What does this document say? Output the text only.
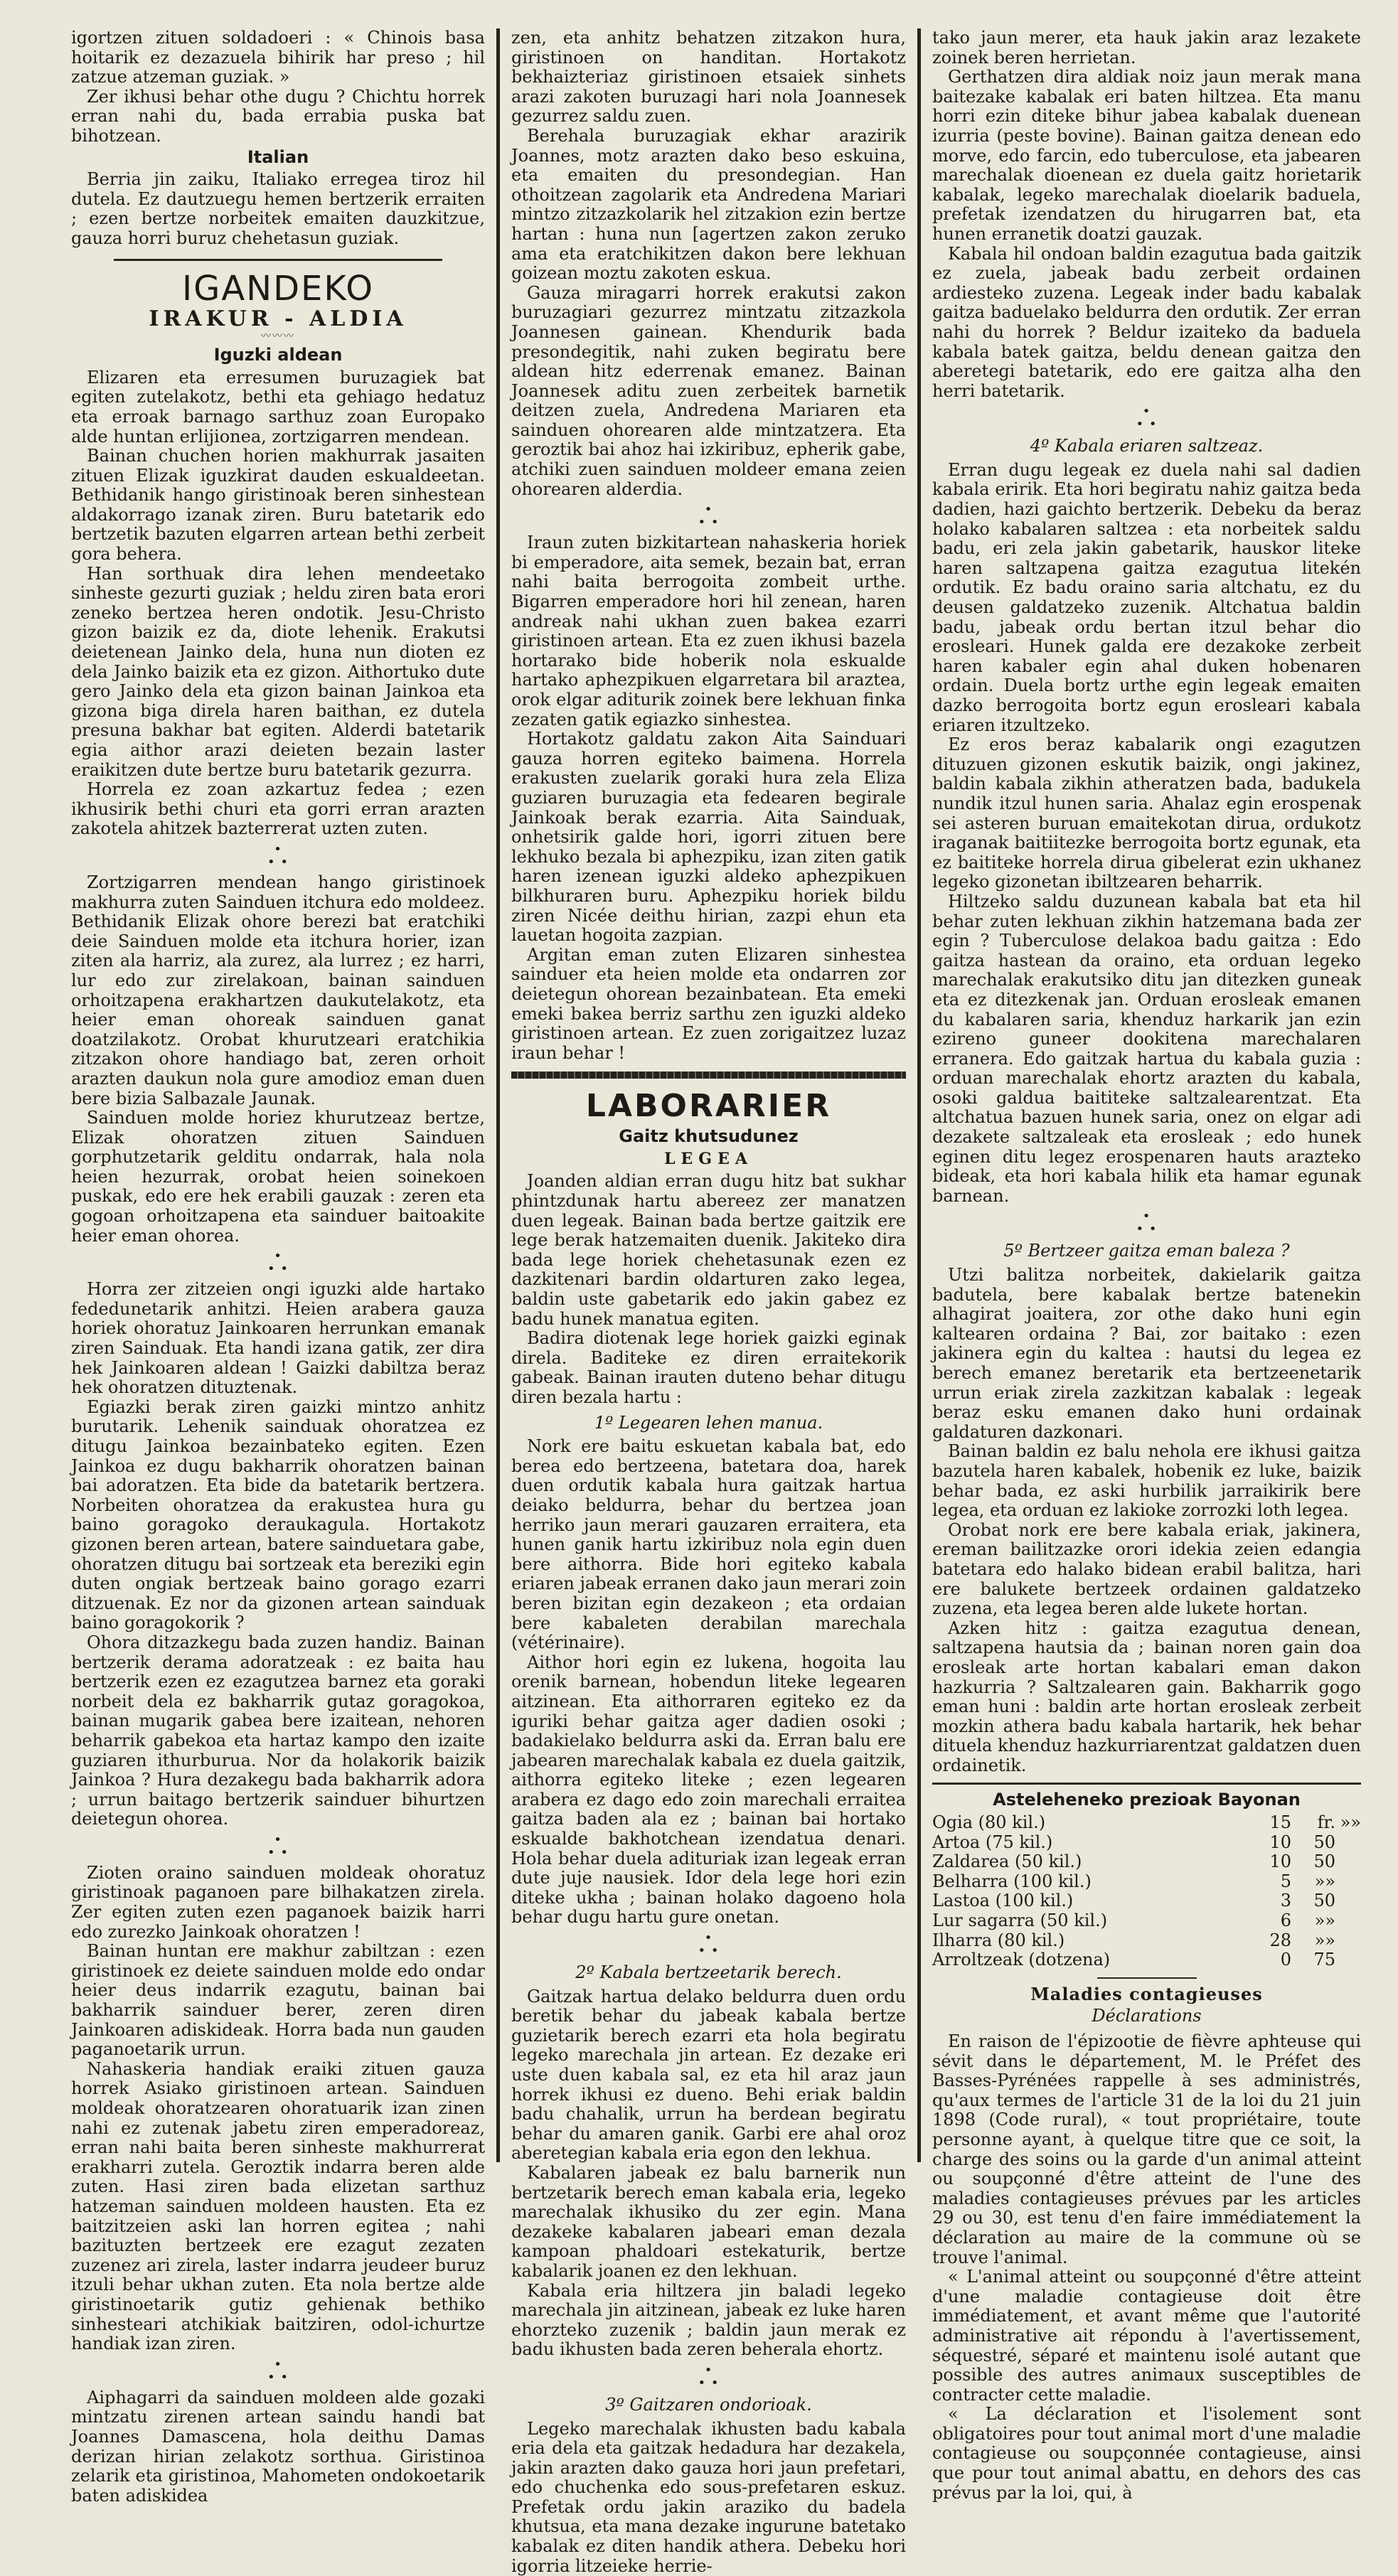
igortzen zituen soldadoeri : « Chinois basa hoitarik ez dezazuela bihirik har preso ; hil zatzue atzeman guziak. »

Zer ikhusi behar othe dugu ? Chichtu horrek erran nahi du, bada errabia puska bat bihotzean.

Italian

Berria jin zaiku, Italiako erregea tiroz hil dutela. Ez dautzuegu hemen bertzerik erraiten ; ezen bertze norbeitek emaiten dauzkitzue, gauza horri buruz chehetasun guziak.

IGANDEKO
IRAKUR - ALDIA
〰〰〰
Iguzki aldean

Elizaren eta erresumen buruzagiek bat egiten zutelakotz, bethi eta gehiago hedatuz eta erroak barnago sarthuz zoan Europako alde huntan erlijionea, zortzigarren mendean.

Bainan chuchen horien makhurrak jasaiten zituen Elizak iguzkirat dauden eskualdeetan. Bethidanik hango giristinoak beren sinhestean aldakorrago izanak ziren. Buru batetarik edo bertzetik bazuten elgarren artean bethi zerbeit gora behera.

Han sorthuak dira lehen mendeetako sinheste gezurti guziak ; heldu ziren bata erori zeneko bertzea heren ondotik. Jesu-Christo gizon baizik ez da, diote lehenik. Erakutsi deietenean Jainko dela, huna nun dioten ez dela Jainko baizik eta ez gizon. Aithortuko dute gero Jainko dela eta gizon bainan Jainkoa eta gizona biga direla haren baithan, ez dutela presuna bakhar bat egiten. Alderdi batetarik egia aithor arazi deieten bezain laster eraikitzen dute bertze buru batetarik gezurra.

Horrela ez zoan azkartuz fedea ; ezen ikhusirik bethi churi eta gorri erran arazten zakotela ahitzek bazterrerat uzten zuten.

•
• •

Zortzigarren mendean hango giristinoek makhurra zuten Sainduen itchura edo moldeez. Bethidanik Elizak ohore berezi bat eratchiki deie Sainduen molde eta itchura horier, izan ziten ala harriz, ala zurez, ala lurrez ; ez harri, lur edo zur zirelakoan, bainan sainduen orhoitzapena erakhartzen daukutelakotz, eta heier eman ohoreak sainduen ganat doatzilakotz. Orobat khurutzeari eratchikia zitzakon ohore handiago bat, zeren orhoit arazten daukun nola gure amodioz eman duen bere bizia Salbazale Jaunak.

Sainduen molde horiez khurutzeaz bertze, Elizak ohoratzen zituen Sainduen gorphutzetarik gelditu ondarrak, hala nola heien hezurrak, orobat heien soinekoen puskak, edo ere hek erabili gauzak : zeren eta gogoan orhoitzapena eta sainduer baitoakite heier eman ohorea.

•
• •

Horra zer zitzeien ongi iguzki alde hartako fededunetarik anhitzi. Heien arabera gauza horiek ohoratuz Jainkoaren herrunkan emanak ziren Sainduak. Eta handi izana gatik, zer dira hek Jainkoaren aldean ! Gaizki dabiltza beraz hek ohoratzen dituztenak.

Egiazki berak ziren gaizki mintzo anhitz burutarik. Lehenik sainduak ohoratzea ez ditugu Jainkoa bezainbateko egiten. Ezen Jainkoa ez dugu bakharrik ohoratzen bainan bai adoratzen. Eta bide da batetarik bertzera. Norbeiten ohoratzea da erakustea hura gu baino goragoko deraukagula. Hortakotz gizonen beren artean, batere sainduetara gabe, ohoratzen ditugu bai sortzeak eta bereziki egin duten ongiak bertzeak baino gorago ezarri ditzuenak. Ez nor da gizonen artean sainduak baino goragokorik ?

Ohora ditzazkegu bada zuzen handiz. Bainan bertzerik derama adoratzeak : ez baita hau bertzerik ezen ez ezagutzea barnez eta goraki norbeit dela ez bakharrik gutaz goragokoa, bainan mugarik gabea bere izaitean, nehoren beharrik gabekoa eta hartaz kampo den izaite guziaren ithurburua. Nor da holakorik baizik Jainkoa ? Hura dezakegu bada bakharrik adora ; urrun baitago bertzerik sainduer bihurtzen deietegun ohorea.

•
• •

Zioten oraino sainduen moldeak ohoratuz giristinoak paganoen pare bilhakatzen zirela. Zer egiten zuten ezen paganoek baizik harri edo zurezko Jainkoak ohoratzen !

Bainan huntan ere makhur zabiltzan : ezen giristinoek ez deiete sainduen molde edo ondar heier deus indarrik ezagutu, bainan bai bakharrik sainduer berer, zeren diren Jainkoaren adiskideak. Horra bada nun gauden paganoetarik urrun.

Nahaskeria handiak eraiki zituen gauza horrek Asiako giristinoen artean. Sainduen moldeak ohoratzearen ohoratuarik izan zinen nahi ez zutenak jabetu ziren emperadoreaz, erran nahi baita beren sinheste makhurrerat erakharri zutela. Geroztik indarra beren alde zuten. Hasi ziren bada elizetan sarthuz hatzeman sainduen moldeen hausten. Eta ez baitzitzeien aski lan horren egitea ; nahi bazituzten bertzeek ere ezagut zezaten zuzenez ari zirela, laster indarra jeudeer buruz itzuli behar ukhan zuten. Eta nola bertze alde giristinoetarik gutiz gehienak bethiko sinhesteari atchikiak baitziren, odol-ichurtze handiak izan ziren.

•
• •

Aiphagarri da sainduen moldeen alde gozaki mintzatu zirenen artean saindu handi bat Joannes Damascena, hola deithu Damas derizan hirian zelakotz sorthua. Giristinoa zelarik eta giristinoa, Mahometen ondokoetarik baten adiskidea

zen, eta anhitz behatzen zitzakon hura, giristinoen on handitan. Hortakotz bekhaizteriaz giristinoen etsaiek sinhets arazi zakoten buruzagi hari nola Joannesek gezurrez saldu zuen.

Berehala buruzagiak ekhar arazirik Joannes, motz arazten dako beso eskuina, eta emaiten du presondegian. Han othoitzean zagolarik eta Andredena Mariari mintzo zitzazkolarik hel zitzakion ezin bertze hartan : huna nun [agertzen zakon zeruko ama eta eratchikitzen dakon bere lekhuan goizean moztu zakoten eskua.

Gauza miragarri horrek erakutsi zakon buruzagiari gezurrez mintzatu zitzazkola Joannesen gainean. Khendurik bada presondegitik, nahi zuken begiratu bere aldean hitz ederrenak emanez. Bainan Joannesek aditu zuen zerbeitek barnetik deitzen zuela, Andredena Mariaren eta sainduen ohorearen alde mintzatzera. Eta geroztik bai ahoz hai izkiribuz, epherik gabe, atchiki zuen sainduen moldeer emana zeien ohorearen alderdia.

•
• •

Iraun zuten bizkitartean nahaskeria horiek bi emperadore, aita semek, bezain bat, erran nahi baita berrogoita zombeit urthe. Bigarren emperadore hori hil zenean, haren andreak nahi ukhan zuen bakea ezarri giristinoen artean. Eta ez zuen ikhusi bazela hortarako bide hoberik nola eskualde hartako aphezpikuen elgarretara bil araztea, orok elgar aditurik zoinek bere lekhuan finka zezaten gatik egiazko sinhestea.

Hortakotz galdatu zakon Aita Sainduari gauza horren egiteko baimena. Horrela erakusten zuelarik goraki hura zela Eliza guziaren buruzagia eta fedearen begirale Jainkoak berak ezarria. Aita Sainduak, onhetsirik galde hori, igorri zituen bere lekhuko bezala bi aphezpiku, izan ziten gatik haren izenean iguzki aldeko aphezpikuen bilkhuraren buru. Aphezpiku horiek bildu ziren Nicée deithu hirian, zazpi ehun eta lauetan hogoita zazpian.

Argitan eman zuten Elizaren sinhestea sainduer eta heien molde eta ondarren zor deietegun ohorean bezainbatean. Eta emeki emeki bakea berriz sarthu zen iguzki aldeko giristinoen artean. Ez zuen zorigaitzez luzaz iraun behar !

LABORARIER
Gaitz khutsudunez
LEGEA

Joanden aldian erran dugu hitz bat sukhar phintzdunak hartu abereez zer manatzen duen legeak. Bainan bada bertze gaitzik ere lege berak hatzemaiten duenik. Jakiteko dira bada lege horiek chehetasunak ezen ez dazkitenari bardin oldarturen zako legea, baldin uste gabetarik edo jakin gabez ez badu hunek manatua egiten.

Badira diotenak lege horiek gaizki eginak direla. Baditeke ez diren erraitekorik gabeak. Bainan irauten duteno behar ditugu diren bezala hartu :

1º Legearen lehen manua.

Nork ere baitu eskuetan kabala bat, edo berea edo bertzeena, batetara doa, harek duen ordutik kabala hura gaitzak hartua deiako beldurra, behar du bertzea joan herriko jaun merari gauzaren erraitera, eta hunen ganik hartu izkiribuz nola egin duen bere aithorra. Bide hori egiteko kabala eriaren jabeak erranen dako jaun merari zoin beren bizitan egin dezakeon ; eta ordaian bere kabaleten derabilan marechala (vétérinaire).

Aithor hori egin ez lukena, hogoita lau orenik barnean, hobendun liteke legearen aitzinean. Eta aithorraren egiteko ez da iguriki behar gaitza ager dadien osoki ; badakielako beldurra aski da. Erran balu ere jabearen marechalak kabala ez duela gaitzik, aithorra egiteko liteke ; ezen legearen arabera ez dago edo zoin marechali erraitea gaitza baden ala ez ; bainan bai hortako eskualde bakhotchean izendatua denari. Hola behar duela adituriak izan legeak erran dute juje nausiek. Idor dela lege hori ezin diteke ukha ; bainan holako dagoeno hola behar dugu hartu gure onetan.

•
• •
2º Kabala bertzeetarik berech.

Gaitzak hartua delako beldurra duen ordu beretik behar du jabeak kabala bertze guzietarik berech ezarri eta hola begiratu legeko marechala jin artean. Ez dezake eri uste duen kabala sal, ez eta hil araz jaun horrek ikhusi ez dueno. Behi eriak baldin badu chahalik, urrun ha berdean begiratu behar du amaren ganik. Garbi ere ahal oroz aberetegian kabala eria egon den lekhua.

Kabalaren jabeak ez balu barnerik nun bertzetarik berech eman kabala eria, legeko marechalak ikhusiko du zer egin. Mana dezakeke kabalaren jabeari eman dezala kampoan phaldoari estekaturik, bertze kabalarik joanen ez den lekhuan.

Kabala eria hiltzera jin baladi legeko marechala jin aitzinean, jabeak ez luke haren ehorzteko zuzenik ; baldin jaun merak ez badu ikhusten bada zeren beherala ehortz.

•
• •
3º Gaitzaren ondorioak.

Legeko marechalak ikhusten badu kabala eria dela eta gaitzak hedadura har dezakela, jakin arazten dako gauza hori jaun prefetari, edo chuchenka edo sous-prefetaren eskuz. Prefetak ordu jakin araziko du badela khutsua, eta mana dezake ingurune batetako kabalak ez diten handik athera. Debeku hori igorria litzeieke herrie-

tako jaun merer, eta hauk jakin araz lezakete zoinek beren herrietan.

Gerthatzen dira aldiak noiz jaun merak mana baitezake kabalak eri baten hiltzea. Eta manu horri ezin diteke bihur jabea kabalak duenean izurria (peste bovine). Bainan gaitza denean edo morve, edo farcin, edo tuberculose, eta jabearen marechalak dioenean ez duela gaitz horietarik kabalak, legeko marechalak dioelarik baduela, prefetak izendatzen du hirugarren bat, eta hunen erranetik doatzi gauzak.

Kabala hil ondoan baldin ezagutua bada gaitzik ez zuela, jabeak badu zerbeit ordainen ardiesteko zuzena. Legeak inder badu kabalak gaitza baduelako beldurra den ordutik. Zer erran nahi du horrek ? Beldur izaiteko da baduela kabala batek gaitza, beldu denean gaitza den aberetegi batetarik, edo ere gaitza alha den herri batetarik.

•
• •
4º Kabala eriaren saltzeaz.

Erran dugu legeak ez duela nahi sal dadien kabala eririk. Eta hori begiratu nahiz gaitza beda dadien, hazi gaichto bertzerik. Debeku da beraz holako kabalaren saltzea : eta norbeitek saldu badu, eri zela jakin gabetarik, hauskor liteke haren saltzapena gaitza ezagutua litekén ordutik. Ez badu oraino saria altchatu, ez du deusen galdatzeko zuzenik. Altchatua baldin badu, jabeak ordu bertan itzul behar dio erosleari. Hunek galda ere dezakoke zerbeit haren kabaler egin ahal duken hobenaren ordain. Duela bortz urthe egin legeak emaiten dazko berrogoita bortz egun erosleari kabala eriaren itzultzeko.

Ez eros beraz kabalarik ongi ezagutzen dituzuen gizonen eskutik baizik, ongi jakinez, baldin kabala zikhin atheratzen bada, badukela nundik itzul hunen saria. Ahalaz egin erospenak sei asteren buruan emaitekotan dirua, ordukotz iraganak baitiitezke berrogoita bortz egunak, eta ez baititeke horrela dirua gibelerat ezin ukhanez legeko gizonetan ibiltzearen beharrik.

Hiltzeko saldu duzunean kabala bat eta hil behar zuten lekhuan zikhin hatzemana bada zer egin ? Tuberculose delakoa badu gaitza : Edo gaitza hastean da oraino, eta orduan legeko marechalak erakutsiko ditu jan ditezken guneak eta ez ditezkenak jan. Orduan erosleak emanen du kabalaren saria, khenduz harkarik jan ezin ezireno guneer dookitena marechalaren erranera. Edo gaitzak hartua du kabala guzia : orduan marechalak ehortz arazten du kabala, osoki galdua baititeke saltzalearentzat. Eta altchatua bazuen hunek saria, onez on elgar adi dezakete saltzaleak eta erosleak ; edo hunek eginen ditu legez erospenaren hauts arazteko bideak, eta hori kabala hilik eta hamar egunak barnean.

•
• •
5º Bertzeer gaitza eman baleza ?

Utzi balitza norbeitek, dakielarik gaitza badutela, bere kabalak bertze batenekin alhagirat joaitera, zor othe dako huni egin kaltearen ordaina ? Bai, zor baitako : ezen jakinera egin du kaltea : hautsi du legea ez berech emanez beretarik eta bertzeenetarik urrun eriak zirela zazkitzan kabalak : legeak beraz esku emanen dako huni ordainak galdaturen dazkonari.

Bainan baldin ez balu nehola ere ikhusi gaitza bazutela haren kabalek, hobenik ez luke, baizik behar bada, ez aski hurbilik jarraikirik bere legea, eta orduan ez lakioke zorrozki loth legea.

Orobat nork ere bere kabala eriak, jakinera, ereman bailitzazke orori idekia zeien edangia batetara edo halako bidean erabil balitza, hari ere balukete bertzeek ordainen galdatzeko zuzena, eta legea beren alde lukete hortan.

Azken hitz : gaitza ezagutua denean, saltzapena hautsia da ; bainan noren gain doa erosleak arte hortan kabalari eman dakon hazkurria ? Saltzalearen gain. Bakharrik gogo eman huni : baldin arte hortan erosleak zerbeit mozkin athera badu kabala hartarik, hek behar dituela khenduz hazkurriarentzat galdatzen duen ordainetik.

Asteleheneko prezioak Bayonan
Ogia (80 kil.)	15	fr. »»
Artoa (75 kil.)	10	50
Zaldarea (50 kil.)	10	50
Belharra (100 kil.)	5	»»
Lastoa (100 kil.)	3	50
Lur sagarra (50 kil.)	6	»»
Ilharra (80 kil.)	28	»»
Arroltzeak (dotzena)	0	75
Maladies contagieuses
Déclarations

En raison de l'épizootie de fièvre aphteuse qui sévit dans le département, M. le Préfet des Basses-Pyrénées rappelle à ses administrés, qu'aux termes de l'article 31 de la loi du 21 juin 1898 (Code rural), « tout propriétaire, toute personne ayant, à quelque titre que ce soit, la charge des soins ou la garde d'un animal atteint ou soupçonné d'être atteint de l'une des maladies contagieuses prévues par les articles 29 ou 30, est tenu d'en faire immédiatement la déclaration au maire de la commune où se trouve l'animal.

« L'animal atteint ou soupçonné d'être atteint d'une maladie contagieuse doit être immédiatement, et avant même que l'autorité administrative ait répondu à l'avertissement, séquestré, séparé et maintenu isolé autant que possible des autres animaux susceptibles de contracter cette maladie.

« La déclaration et l'isolement sont obligatoires pour tout animal mort d'une maladie contagieuse ou soupçonnée contagieuse, ainsi que pour tout animal abattu, en dehors des cas prévus par la loi, qui, à
